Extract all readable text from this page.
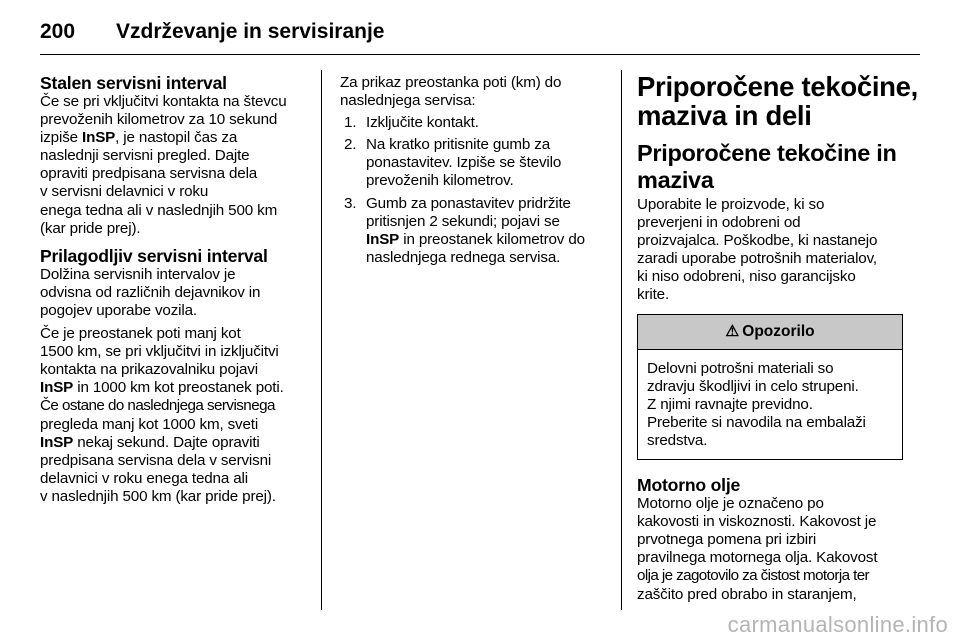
200 Vzdrževanje in servisiranje

Stalen servisni interval

Če se pri vključitvi kontakta na števcu

prevoženih kilometrov za 10 sekund

izpiše InSP, je nastopil čas za

naslednji servisni pregled. Dajte

opraviti predpisana servisna dela

v servisni delavnici v roku

enega tedna ali v naslednjih 500 km

(kar pride prej).

Prilagodljiv servisni interval

Dolžina servisnih intervalov je

odvisna od različnih dejavnikov in

pogojev uporabe vozila.

Če je preostanek poti manj kot

1500 km, se pri vključitvi in izključitvi

kontakta na prikazovalniku pojavi

InSP in 1000 km kot preostanek poti.

Če ostane do naslednjega servisnega

pregleda manj kot 1000 km, sveti

InSP nekaj sekund. Dajte opraviti

predpisana servisna dela v servisni

delavnici v roku enega tedna ali

v naslednjih 500 km (kar pride prej).

Za prikaz preostanka poti (km) do

naslednjega servisa:

1. Izključite kontakt.
2. Na kratko pritisnite gumb za
ponastavitev. Izpiše se število
prevoženih kilometrov.
3. Gumb za ponastavitev pridržite
pritisnjen 2 sekundi; pojavi se
InSP in preostanek kilometrov do
naslednjega rednega servisa.

Priporočene tekočine,

maziva in deli

Priporočene tekočine in

maziva

Uporabite le proizvode, ki so

preverjeni in odobreni od

proizvajalca. Poškodbe, ki nastanejo

zaradi uporabe potrošnih materialov,

ki niso odobreni, niso garancijsko

krite.

⚠ Opozorilo

Delovni potrošni materiali so

zdravju škodljivi in celo strupeni.

Z njimi ravnajte previdno.

Preberite si navodila na embalaži

sredstva.

Motorno olje

Motorno olje je označeno po

kakovosti in viskoznosti. Kakovost je

prvotnega pomena pri izbiri

pravilnega motornega olja. Kakovost

olja je zagotovilo za čistost motorja ter

zaščito pred obrabo in staranjem,

carmanualsonline.info
